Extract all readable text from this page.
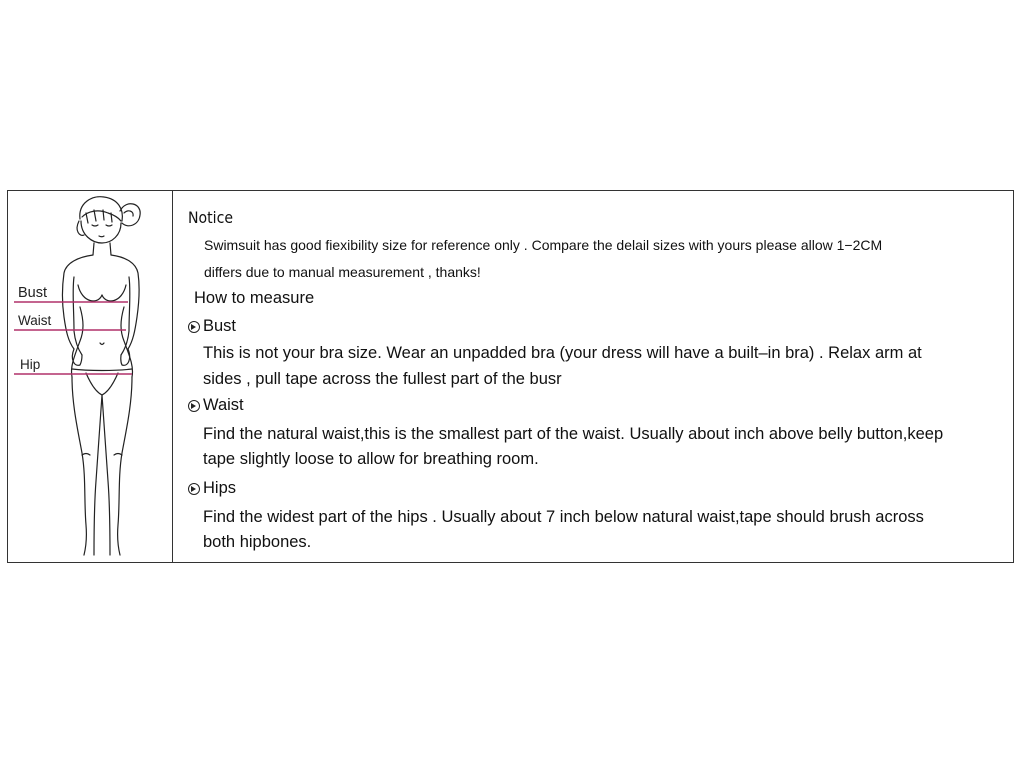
Bust
Waist
Hip
Notice
Swimsuit has good fiexibility size for reference only . Compare the delail sizes with yours please allow 1−2CM
differs due to manual measurement , thanks!
How to measure
Bust
This is not your bra size. Wear an unpadded bra (your dress will have a built–in bra) . Relax arm at
sides , pull tape across the fullest part of the busr
Waist
Find the natural waist,this is the smallest part of the waist. Usually about inch above belly button,keep
tape slightly loose to allow for breathing room.
Hips
Find the widest part of the hips . Usually about 7 inch below natural waist,tape should brush across
both hipbones.
